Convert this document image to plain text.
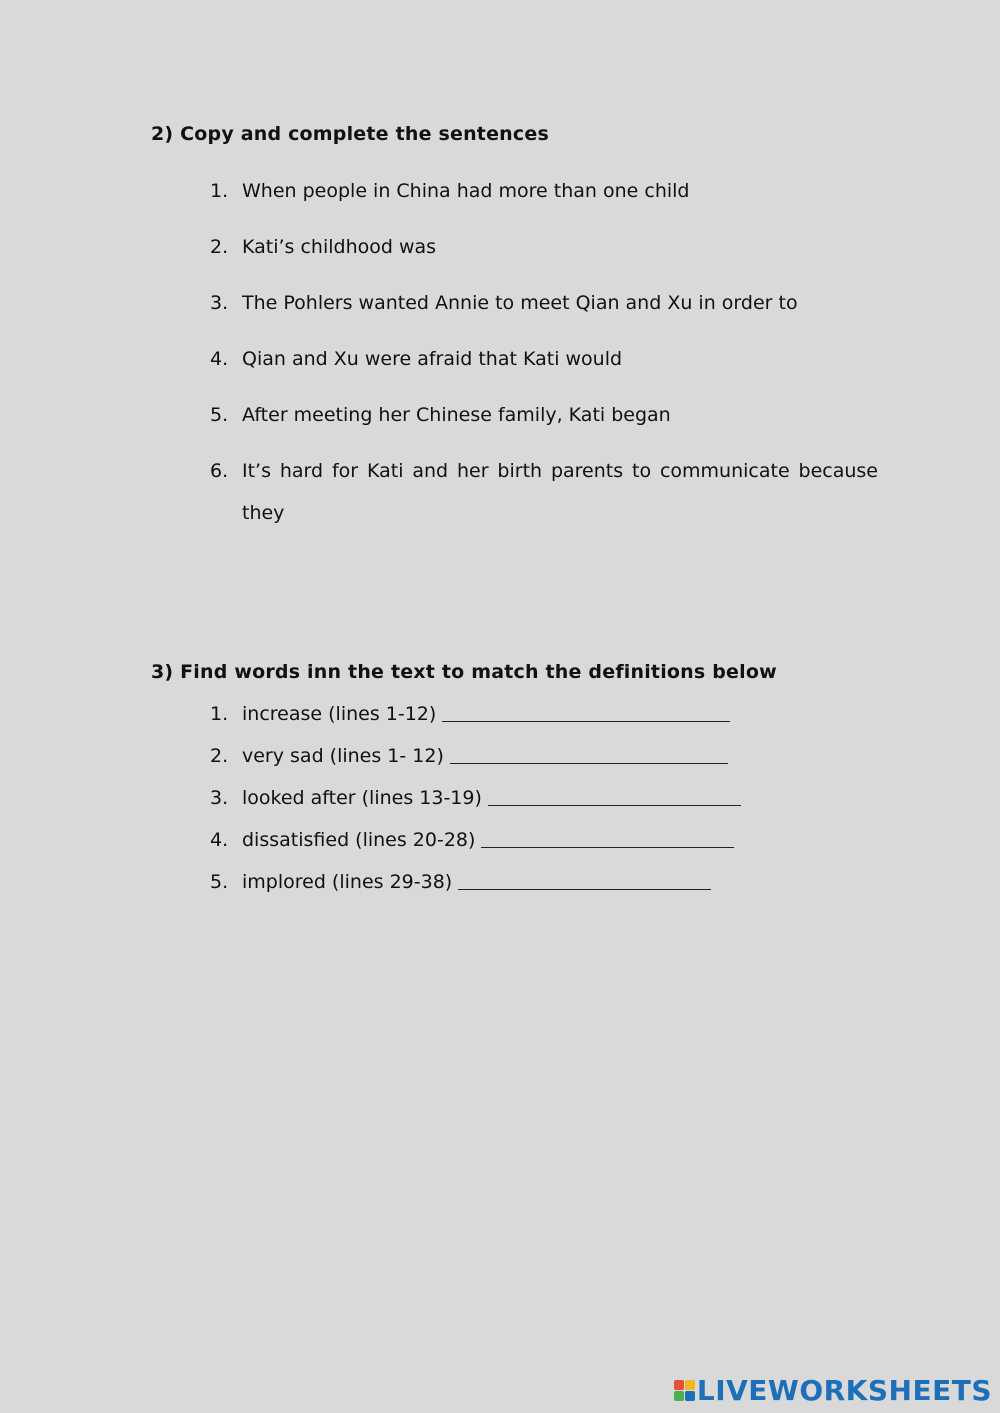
2) Copy and complete the sentences
1. When people in China had more than one child
2. Kati’s childhood was
3. The Pohlers wanted Annie to meet Qian and Xu in order to
4. Qian and Xu were afraid that Kati would
5. After meeting her Chinese family, Kati began
6. It’s hard for Kati and her birth parents to communicate because they
3) Find words inn the text to match the definitions below
1. increase (lines 1-12)
2. very sad (lines 1- 12)
3. looked after (lines 13-19)
4. dissatisfied (lines 20-28)
5. implored (lines 29-38)
LIVEWORKSHEETS
